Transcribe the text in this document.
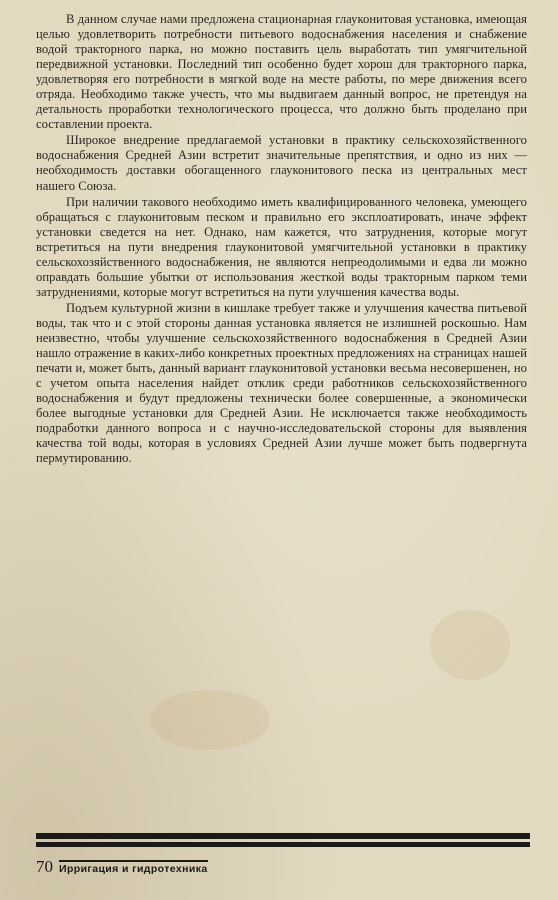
В данном случае нами предложена стационарная глауконитовая установка, имеющая целью удовлетворить потребности питьевого водоснабжения населения и снабжение водой тракторного парка, но можно поставить цель выработать тип умягчительной передвижной установки. Последний тип особенно будет хорош для тракторного парка, удовлетворяя его потребности в мягкой воде на месте работы, по мере движения всего отряда. Необходимо также учесть, что мы выдвигаем данный вопрос, не претендуя на детальность проработки технологического процесса, что должно быть проделано при составлении проекта.

Широкое внедрение предлагаемой установки в практику сельскохозяйственного водоснабжения Средней Азии встретит значительные препятствия, и одно из них — необходимость доставки обогащенного глауконитового песка из центральных мест нашего Союза.

При наличии такового необходимо иметь квалифицированного человека, умеющего обращаться с глауконитовым песком и правильно его эксплоатировать, иначе эффект установки сведется на нет. Однако, нам кажется, что затруднения, которые могут встретиться на пути внедрения глауконитовой умягчительной установки в практику сельскохозяйственного водоснабжения, не являются непреодолимыми и едва ли можно оправдать большие убытки от использования жесткой воды тракторным парком теми затруднениями, которые могут встретиться на пути улучшения качества воды.

Подъем культурной жизни в кишлаке требует также и улучшения качества питьевой воды, так что и с этой стороны данная установка является не излишней роскошью. Нам неизвестно, чтобы улучшение сельскохозяйственного водоснабжения в Средней Азии нашло отражение в каких-либо конкретных проектных предложениях на страницах нашей печати и, может быть, данный вариант глауконитовой установки весьма несовершенен, но с учетом опыта населения найдет отклик среди работников сельскохозяйственного водоснабжения и будут предложены технически более совершенные, а экономически более выгодные установки для Средней Азии. Не исключается также необходимость подработки данного вопроса и с научно-исследовательской стороны для выявления качества той воды, которая в условиях Средней Азии лучше может быть подвергнута пермутированию.

70 Ирригация и гидротехника
